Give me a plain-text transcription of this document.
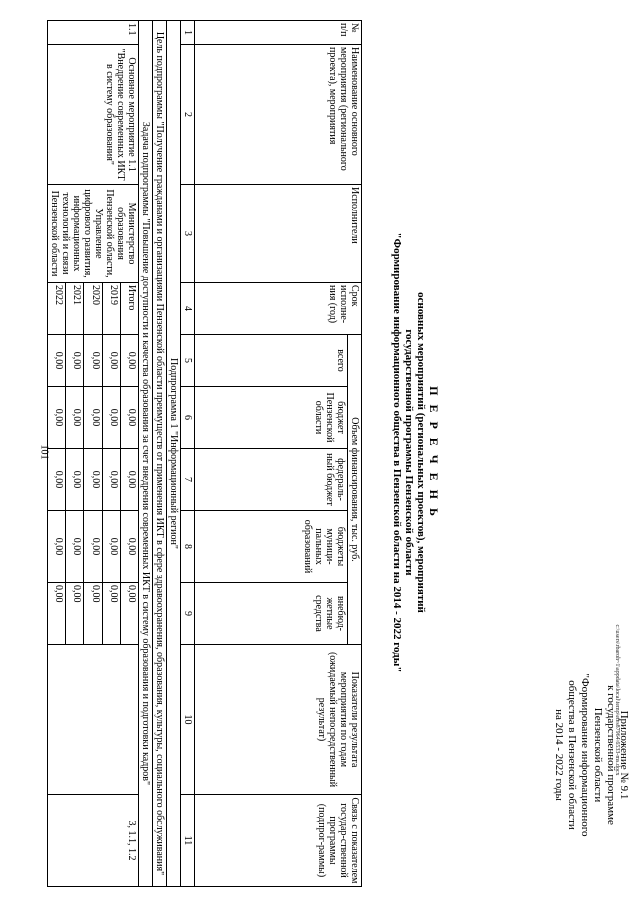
101
c:\users\rbaroh~1\appdata\local\temp\etes87964\6533-ms.docx
Приложение № 9.1
к государственной программе
Пензенской области
"Формирование информационного
общества в Пензенской области
на 2014 - 2022 годы
П Е Р Е Ч Е Н Ь
основных мероприятий (региональных проектов), мероприятий
государственной программы Пензенской области
"Формирование информационного общества в Пензенской области на 2014 - 2022 годы"
№ п/п	Наименование основного мероприятия (регионального проекта), мероприятия	Исполнители	Срок исполне-ния (год)	Объем финансирования, тыс. руб.					Показатели результата мероприятия по годам (ожидаемый непосредственный результат)	Связь с показателем государ-ственной программы (подпрог-раммы)
				всего	бюджет Пензенской области	федераль-ный бюджет	бюджеты муници-пальных образований	внебюд-жетные средства		
1	2	3	4	5	6	7	8	9	10	11
Подпрограмма 1 "Информационный регион"										
Цель подпрограммы "Получение гражданами и организациями Пензенской области преимуществ от применения ИКТ в сфере здравоохранения, образования, культуры, социального обслуживания"										
Задача подпрограммы "Повышение доступности и качества образования за счет внедрения современных ИКТ в систему образования и подготовки кадров"										
1.1	Основное мероприятие 1.1 "Внедрение современных ИКТ в систему образования"	Министерство образования Пензенской области, Управление цифрового развития, информационных технологий и связи Пензенской области	Итого	0,00	0,00	0,00	0,00	0,00		3, 1.1, 1.2
			2019	0,00	0,00	0,00	0,00	0,00		
			2020	0,00	0,00	0,00	0,00	0,00		
			2021	0,00	0,00	0,00	0,00	0,00		
			2022	0,00	0,00	0,00	0,00	0,00		
